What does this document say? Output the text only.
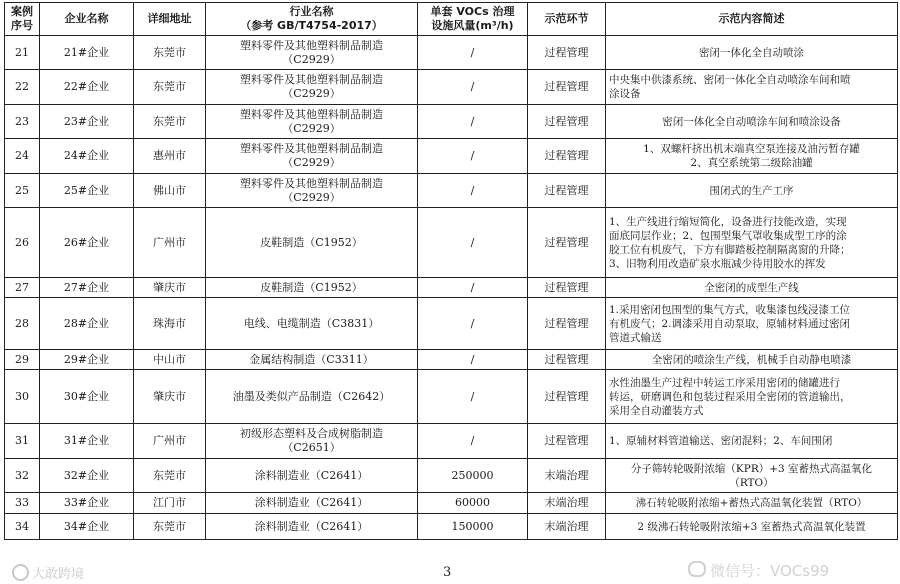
案例
序号	企业名称	详细地址	行业名称
（参考 GB/T4754-2017）	单套 VOCs 治理
设施风量(m³/h)	示范环节	示范内容简述
21	21#企业	东莞市	塑料零件及其他塑料制品制造
（C2929）	/	过程管理	密闭一体化全自动喷涂
22	22#企业	东莞市	塑料零件及其他塑料制品制造
（C2929）	/	过程管理	中央集中供漆系统、密闭一体化全自动喷涂车间和喷
涂设备
23	23#企业	东莞市	塑料零件及其他塑料制品制造
（C2929）	/	过程管理	密闭一体化全自动喷涂车间和喷涂设备
24	24#企业	惠州市	塑料零件及其他塑料制品制造
（C2929）	/	过程管理	1、双螺杆挤出机末端真空泵连接及油污暂存罐
2、真空系统第二级除油罐
25	25#企业	佛山市	塑料零件及其他塑料制品制造
（C2929）	/	过程管理	围闭式的生产工序
26	26#企业	广州市	皮鞋制造（C1952）	/	过程管理	1、生产线进行缩短简化，设备进行技能改造，实现
面底同层作业；2、包围型集气罩收集成型工序的涂
胶工位有机废气，下方有脚踏板控制隔离窗的升降；
3、旧物利用改造矿泉水瓶减少待用胶水的挥发
27	27#企业	肇庆市	皮鞋制造（C1952）	/	过程管理	全密闭的成型生产线
28	28#企业	珠海市	电线、电缆制造（C3831）	/	过程管理	1.采用密闭包围型的集气方式，收集漆包线浸漆工位
有机废气；2.调漆采用自动泵取，原辅材料通过密闭
管道式输送
29	29#企业	中山市	金属结构制造（C3311）	/	过程管理	全密闭的喷涂生产线，机械手自动静电喷漆
30	30#企业	肇庆市	油墨及类似产品制造（C2642）	/	过程管理	水性油墨生产过程中转运工序采用密闭的储罐进行
转运，研磨调色和包装过程采用全密闭的管道输出，
采用全自动灌装方式
31	31#企业	广州市	初级形态塑料及合成树脂制造
（C2651）	/	过程管理	1、原辅材料管道输送、密闭混料；2、车间围闭
32	32#企业	东莞市	涂料制造业（C2641）	250000	末端治理	分子筛转轮吸附浓缩（KPR）+3 室蓄热式高温氧化
（RTO）
33	33#企业	江门市	涂料制造业（C2641）	60000	末端治理	沸石转轮吸附浓缩+蓄热式高温氧化装置（RTO）
34	34#企业	东莞市	涂料制造业（C2641）	150000	末端治理	2 级沸石转轮吸附浓缩+3 室蓄热式高温氧化装置
大敢跨境	3	微信号：VOCs99
